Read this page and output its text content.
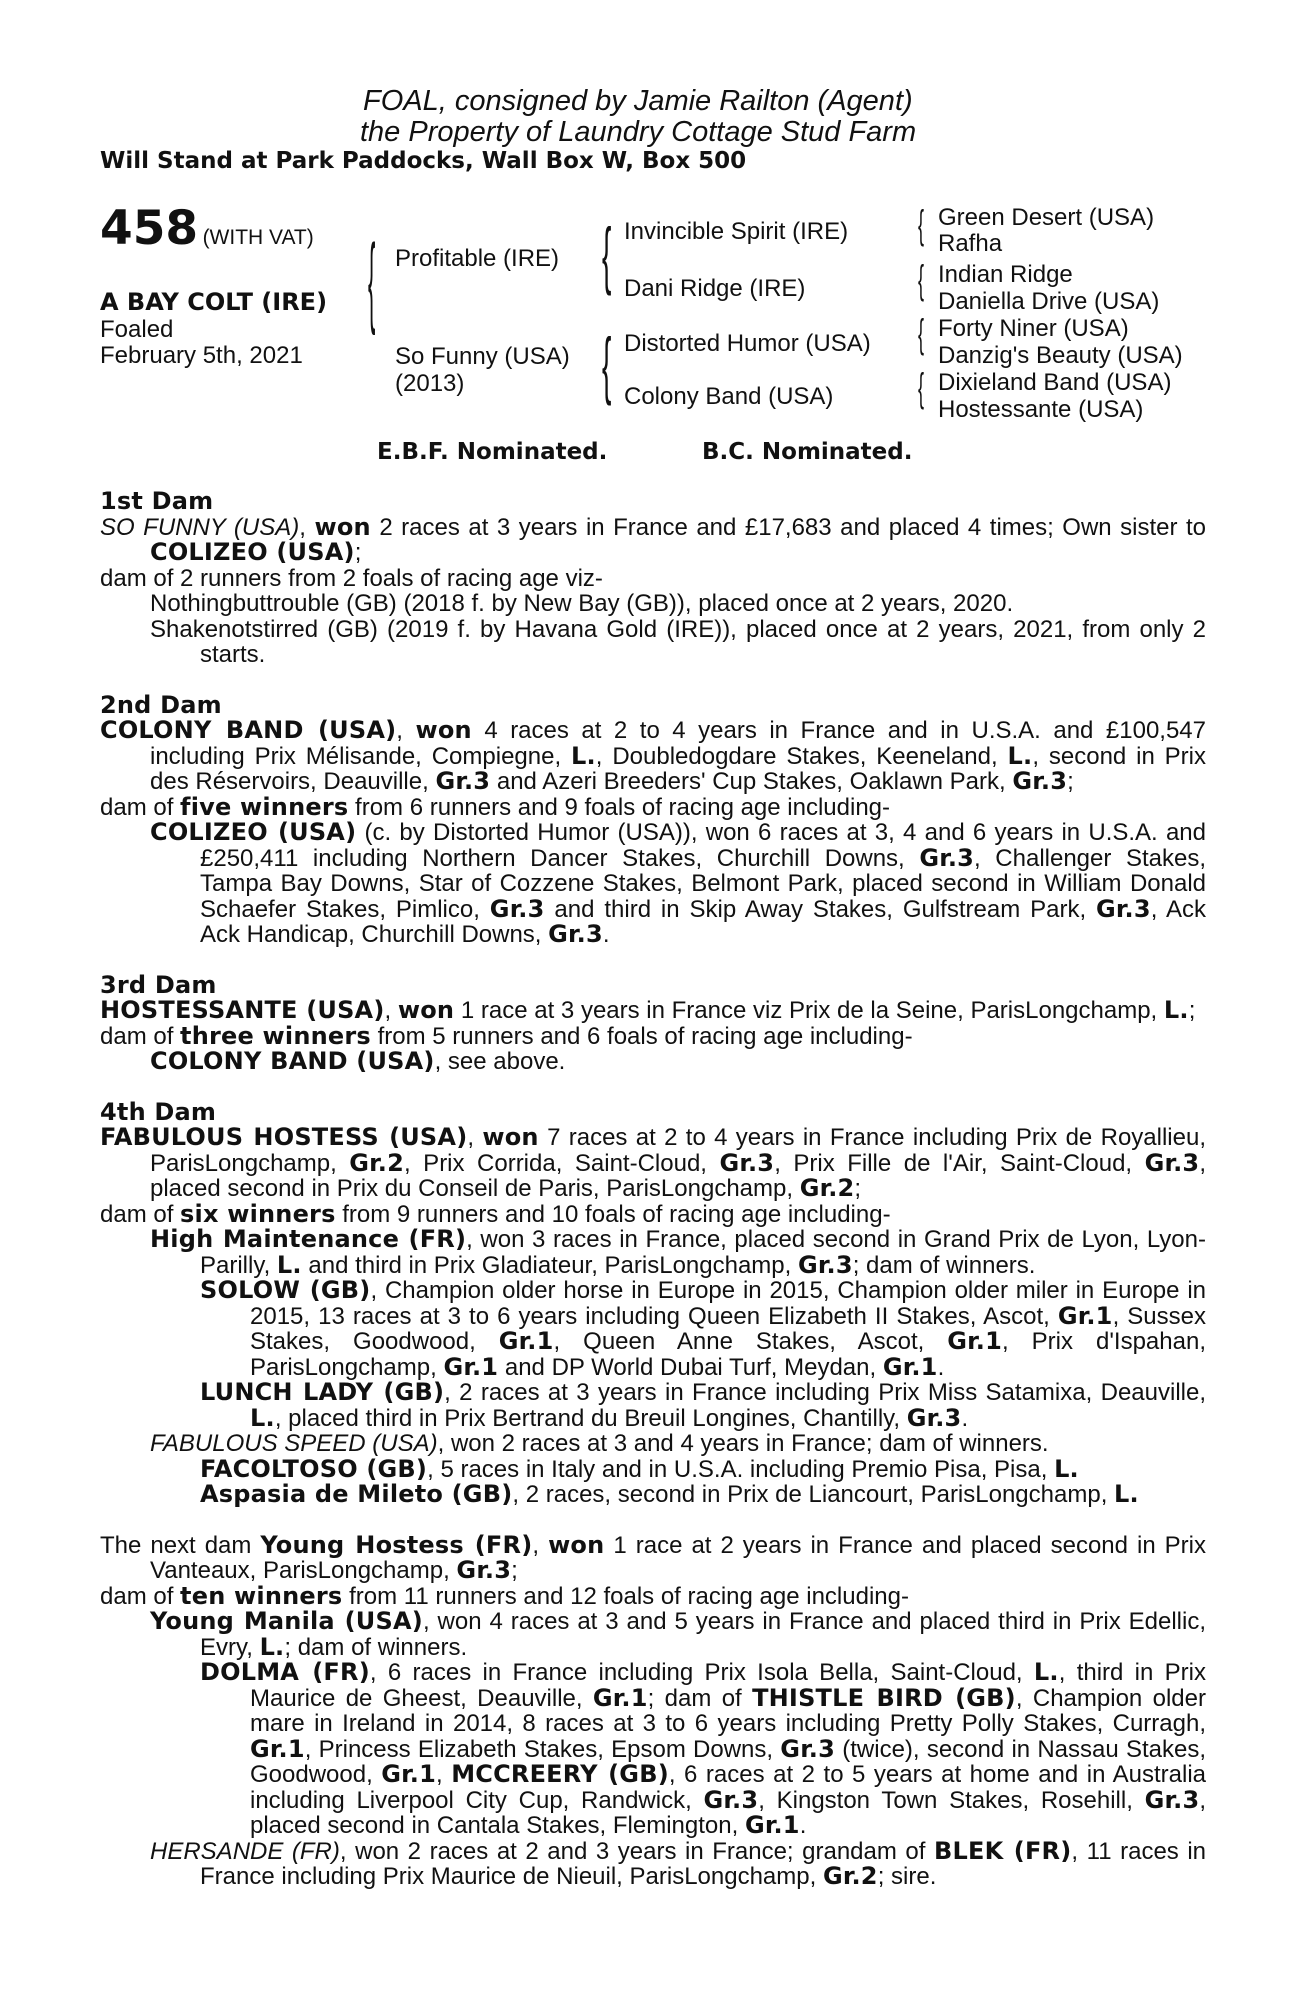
FOAL, consigned by Jamie Railton (Agent)
the Property of Laundry Cottage Stud Farm
Will Stand at Park Paddocks, Wall Box W, Box 500
458 (WITH VAT)
A BAY COLT (IRE)
Foaled
February 5th, 2021
{ Profitable (IRE)
So Funny (USA)
(2013)
{ Invincible Spirit (IRE)
Dani Ridge (IRE)
{ Distorted Humor (USA)
Colony Band (USA)
{ Green Desert (USA)
Rafha
{ Indian Ridge
Daniella Drive (USA)
{ Forty Niner (USA)
Danzig's Beauty (USA)
{ Dixieland Band (USA)
Hostessante (USA)
E.B.F. Nominated.	B.C. Nominated.

1st Dam

SO FUNNY (USA), won 2 races at 3 years in France and £17,683 and placed 4 times; Own sister to COLIZEO (USA);

dam of 2 runners from 2 foals of racing age viz-

Nothingbuttrouble (GB) (2018 f. by New Bay (GB)), placed once at 2 years, 2020.

Shakenotstirred (GB) (2019 f. by Havana Gold (IRE)), placed once at 2 years, 2021, from only 2 starts.

2nd Dam

COLONY BAND (USA), won 4 races at 2 to 4 years in France and in U.S.A. and £100,547 including Prix Mélisande, Compiegne, L., Doubledogdare Stakes, Keeneland, L., second in Prix des Réservoirs, Deauville, Gr.3 and Azeri Breeders' Cup Stakes, Oaklawn Park, Gr.3;

dam of five winners from 6 runners and 9 foals of racing age including-

COLIZEO (USA) (c. by Distorted Humor (USA)), won 6 races at 3, 4 and 6 years in U.S.A. and £250,411 including Northern Dancer Stakes, Churchill Downs, Gr.3, Challenger Stakes, Tampa Bay Downs, Star of Cozzene Stakes, Belmont Park, placed second in William Donald Schaefer Stakes, Pimlico, Gr.3 and third in Skip Away Stakes, Gulfstream Park, Gr.3, Ack Ack Handicap, Churchill Downs, Gr.3.

3rd Dam

HOSTESSANTE (USA), won 1 race at 3 years in France viz Prix de la Seine, ParisLongchamp, L.;

dam of three winners from 5 runners and 6 foals of racing age including-

COLONY BAND (USA), see above.

4th Dam

FABULOUS HOSTESS (USA), won 7 races at 2 to 4 years in France including Prix de Royallieu, ParisLongchamp, Gr.2, Prix Corrida, Saint-Cloud, Gr.3, Prix Fille de l'Air, Saint-Cloud, Gr.3, placed second in Prix du Conseil de Paris, ParisLongchamp, Gr.2;

dam of six winners from 9 runners and 10 foals of racing age including-

High Maintenance (FR), won 3 races in France, placed second in Grand Prix de Lyon, Lyon-Parilly, L. and third in Prix Gladiateur, ParisLongchamp, Gr.3; dam of winners.

SOLOW (GB), Champion older horse in Europe in 2015, Champion older miler in Europe in 2015, 13 races at 3 to 6 years including Queen Elizabeth II Stakes, Ascot, Gr.1, Sussex Stakes, Goodwood, Gr.1, Queen Anne Stakes, Ascot, Gr.1, Prix d'Ispahan, ParisLongchamp, Gr.1 and DP World Dubai Turf, Meydan, Gr.1.

LUNCH LADY (GB), 2 races at 3 years in France including Prix Miss Satamixa, Deauville, L., placed third in Prix Bertrand du Breuil Longines, Chantilly, Gr.3.

FABULOUS SPEED (USA), won 2 races at 3 and 4 years in France; dam of winners.

FACOLTOSO (GB), 5 races in Italy and in U.S.A. including Premio Pisa, Pisa, L.

Aspasia de Mileto (GB), 2 races, second in Prix de Liancourt, ParisLongchamp, L.

The next dam Young Hostess (FR), won 1 race at 2 years in France and placed second in Prix Vanteaux, ParisLongchamp, Gr.3;

dam of ten winners from 11 runners and 12 foals of racing age including-

Young Manila (USA), won 4 races at 3 and 5 years in France and placed third in Prix Edellic, Evry, L.; dam of winners.

DOLMA (FR), 6 races in France including Prix Isola Bella, Saint-Cloud, L., third in Prix Maurice de Gheest, Deauville, Gr.1; dam of THISTLE BIRD (GB), Champion older mare in Ireland in 2014, 8 races at 3 to 6 years including Pretty Polly Stakes, Curragh, Gr.1, Princess Elizabeth Stakes, Epsom Downs, Gr.3 (twice), second in Nassau Stakes, Goodwood, Gr.1, MCCREERY (GB), 6 races at 2 to 5 years at home and in Australia including Liverpool City Cup, Randwick, Gr.3, Kingston Town Stakes, Rosehill, Gr.3, placed second in Cantala Stakes, Flemington, Gr.1.

HERSANDE (FR), won 2 races at 2 and 3 years in France; grandam of BLEK (FR), 11 races in France including Prix Maurice de Nieuil, ParisLongchamp, Gr.2; sire.
